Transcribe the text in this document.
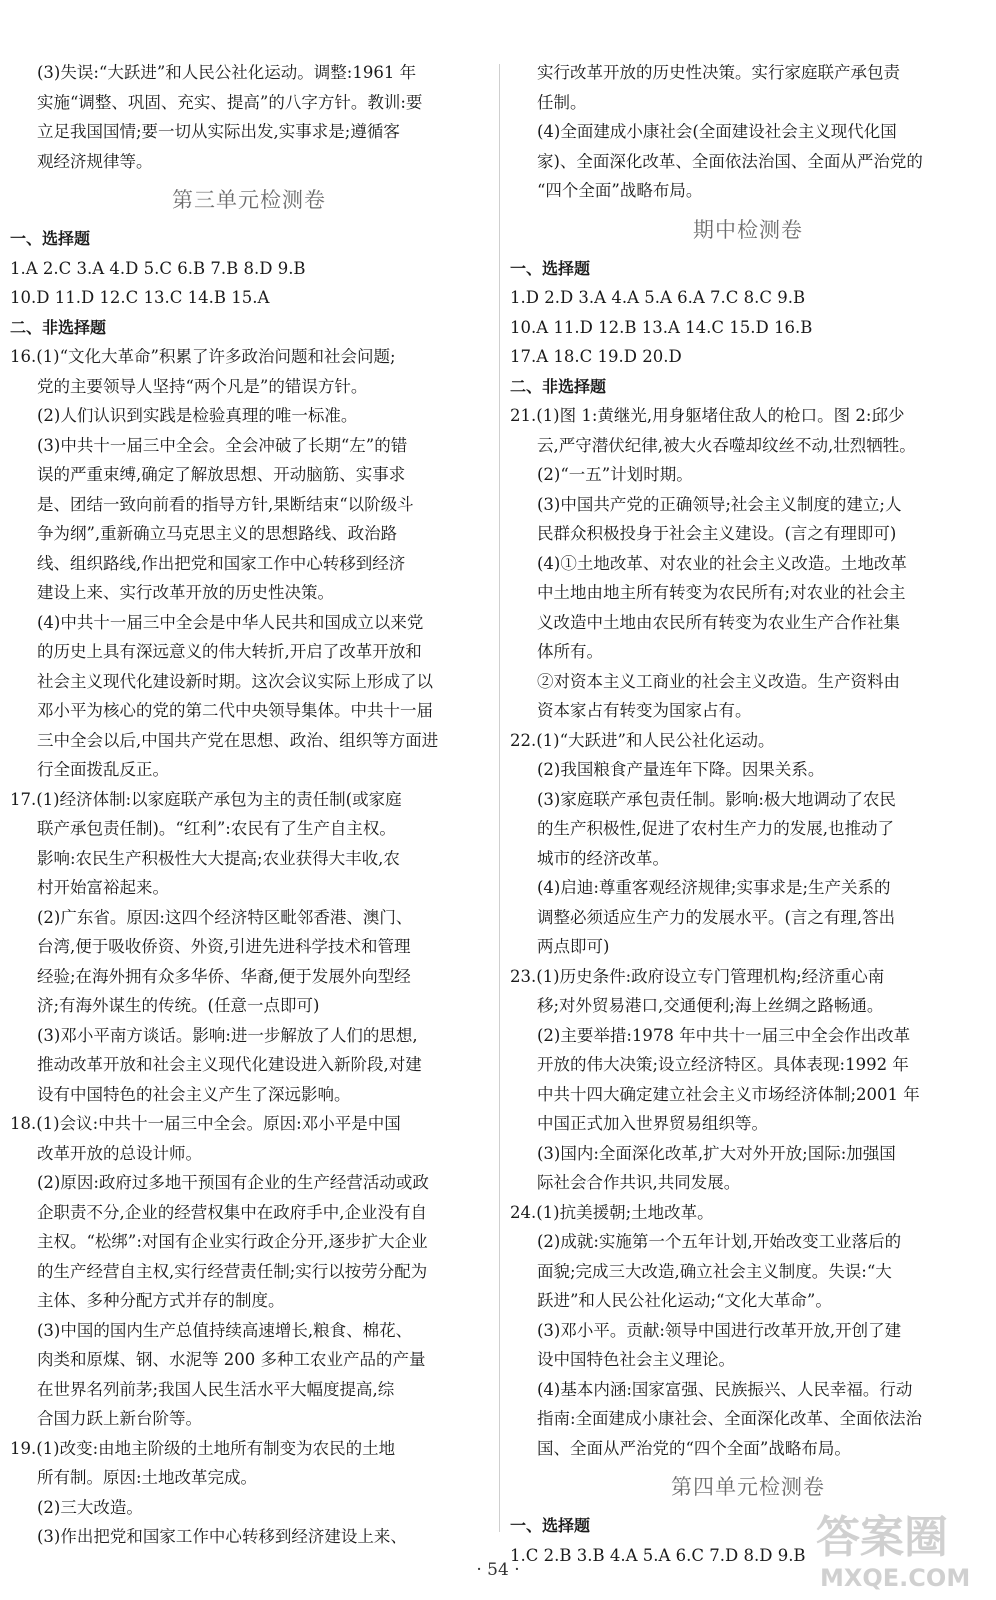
(3)失误:“大跃进”和人民公社化运动。调整:1961 年
实施“调整、巩固、充实、提高”的八字方针。教训:要
立足我国国情;要一切从实际出发,实事求是;遵循客
观经济规律等。
第三单元检测卷
一、选择题
1.A 2.C 3.A 4.D 5.C 6.B 7.B 8.D 9.B
10.D 11.D 12.C 13.C 14.B 15.A
二、非选择题
16.(1)“文化大革命”积累了许多政治问题和社会问题;
党的主要领导人坚持“两个凡是”的错误方针。
(2)人们认识到实践是检验真理的唯一标准。
(3)中共十一届三中全会。全会冲破了长期“左”的错
误的严重束缚,确定了解放思想、开动脑筋、实事求
是、团结一致向前看的指导方针,果断结束“以阶级斗
争为纲”,重新确立马克思主义的思想路线、政治路
线、组织路线,作出把党和国家工作中心转移到经济
建设上来、实行改革开放的历史性决策。
(4)中共十一届三中全会是中华人民共和国成立以来党
的历史上具有深远意义的伟大转折,开启了改革开放和
社会主义现代化建设新时期。这次会议实际上形成了以
邓小平为核心的党的第二代中央领导集体。中共十一届
三中全会以后,中国共产党在思想、政治、组织等方面进
行全面拨乱反正。
17.(1)经济体制:以家庭联产承包为主的责任制(或家庭
联产承包责任制)。“红利”:农民有了生产自主权。
影响:农民生产积极性大大提高;农业获得大丰收,农
村开始富裕起来。
(2)广东省。原因:这四个经济特区毗邻香港、澳门、
台湾,便于吸收侨资、外资,引进先进科学技术和管理
经验;在海外拥有众多华侨、华裔,便于发展外向型经
济;有海外谋生的传统。(任意一点即可)
(3)邓小平南方谈话。影响:进一步解放了人们的思想,
推动改革开放和社会主义现代化建设进入新阶段,对建
设有中国特色的社会主义产生了深远影响。
18.(1)会议:中共十一届三中全会。原因:邓小平是中国
改革开放的总设计师。
(2)原因:政府过多地干预国有企业的生产经营活动或政
企职责不分,企业的经营权集中在政府手中,企业没有自
主权。“松绑”:对国有企业实行政企分开,逐步扩大企业
的生产经营自主权,实行经营责任制;实行以按劳分配为
主体、多种分配方式并存的制度。
(3)中国的国内生产总值持续高速增长,粮食、棉花、
肉类和原煤、钢、水泥等 200 多种工农业产品的产量
在世界名列前茅;我国人民生活水平大幅度提高,综
合国力跃上新台阶等。
19.(1)改变:由地主阶级的土地所有制变为农民的土地
所有制。原因:土地改革完成。
(2)三大改造。
(3)作出把党和国家工作中心转移到经济建设上来、
实行改革开放的历史性决策。实行家庭联产承包责
任制。
(4)全面建成小康社会(全面建设社会主义现代化国
家)、全面深化改革、全面依法治国、全面从严治党的
“四个全面”战略布局。
期中检测卷
一、选择题
1.D 2.D 3.A 4.A 5.A 6.A 7.C 8.C 9.B
10.A 11.D 12.B 13.A 14.C 15.D 16.B
17.A 18.C 19.D 20.D
二、非选择题
21.(1)图 1:黄继光,用身躯堵住敌人的枪口。图 2:邱少
云,严守潜伏纪律,被大火吞噬却纹丝不动,壮烈牺牲。
(2)“一五”计划时期。
(3)中国共产党的正确领导;社会主义制度的建立;人
民群众积极投身于社会主义建设。(言之有理即可)
(4)①土地改革、对农业的社会主义改造。土地改革
中土地由地主所有转变为农民所有;对农业的社会主
义改造中土地由农民所有转变为农业生产合作社集
体所有。
②对资本主义工商业的社会主义改造。生产资料由
资本家占有转变为国家占有。
22.(1)“大跃进”和人民公社化运动。
(2)我国粮食产量连年下降。因果关系。
(3)家庭联产承包责任制。影响:极大地调动了农民
的生产积极性,促进了农村生产力的发展,也推动了
城市的经济改革。
(4)启迪:尊重客观经济规律;实事求是;生产关系的
调整必须适应生产力的发展水平。(言之有理,答出
两点即可)
23.(1)历史条件:政府设立专门管理机构;经济重心南
移;对外贸易港口,交通便利;海上丝绸之路畅通。
(2)主要举措:1978 年中共十一届三中全会作出改革
开放的伟大决策;设立经济特区。具体表现:1992 年
中共十四大确定建立社会主义市场经济体制;2001 年
中国正式加入世界贸易组织等。
(3)国内:全面深化改革,扩大对外开放;国际:加强国
际社会合作共识,共同发展。
24.(1)抗美援朝;土地改革。
(2)成就:实施第一个五年计划,开始改变工业落后的
面貌;完成三大改造,确立社会主义制度。失误:“大
跃进”和人民公社化运动;“文化大革命”。
(3)邓小平。贡献:领导中国进行改革开放,开创了建
设中国特色社会主义理论。
(4)基本内涵:国家富强、民族振兴、人民幸福。行动
指南:全面建成小康社会、全面深化改革、全面依法治
国、全面从严治党的“四个全面”战略布局。
第四单元检测卷
一、选择题
1.C 2.B 3.B 4.A 5.A 6.C 7.D 8.D 9.B
· 54 ·
答案圈
MXQE.COM
